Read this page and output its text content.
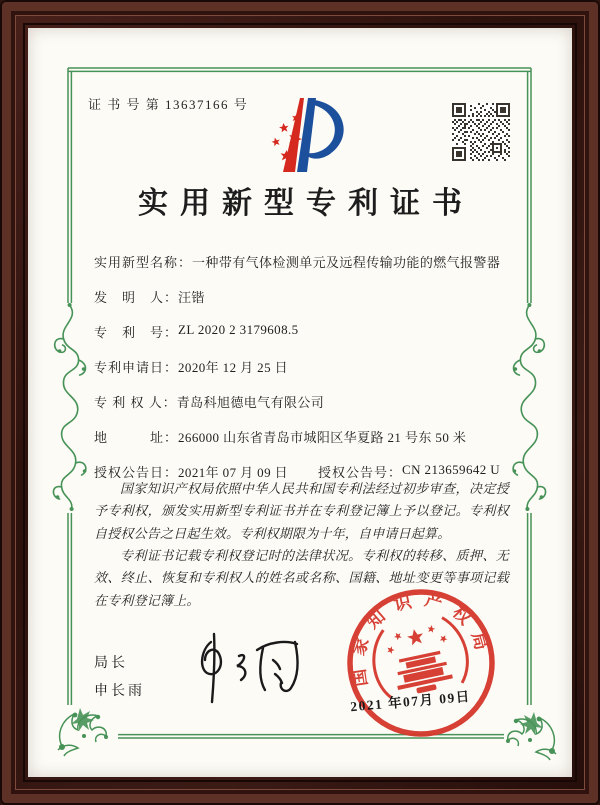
证 书 号 第 13637166 号
实用新型专利证书
实用新型名称： 一种带有气体检测单元及远程传输功能的燃气报警器
发　明　人： 汪锴
专　利　号： ZL 2020 2 3179608.5
专利申请日： 2020年 12 月 25 日
专 利 权 人： 青岛科旭德电气有限公司
地　　　址： 266000 山东省青岛市城阳区华夏路 21 号东 50 米
授权公告日： 2021年 07 月 09 日 授权公告号： CN 213659642 U

国家知识产权局依照中华人民共和国专利法经过初步审查，决定授予专利权，颁发实用新型专利证书并在专利登记簿上予以登记。专利权自授权公告之日起生效。专利权期限为十年，自申请日起算。

专利证书记载专利权登记时的法律状况。专利权的转移、质押、无效、终止、恢复和专利权人的姓名或名称、国籍、地址变更等事项记载在专利登记簿上。

局长
申长雨
国家知识产权局
2021 年07月 09日
